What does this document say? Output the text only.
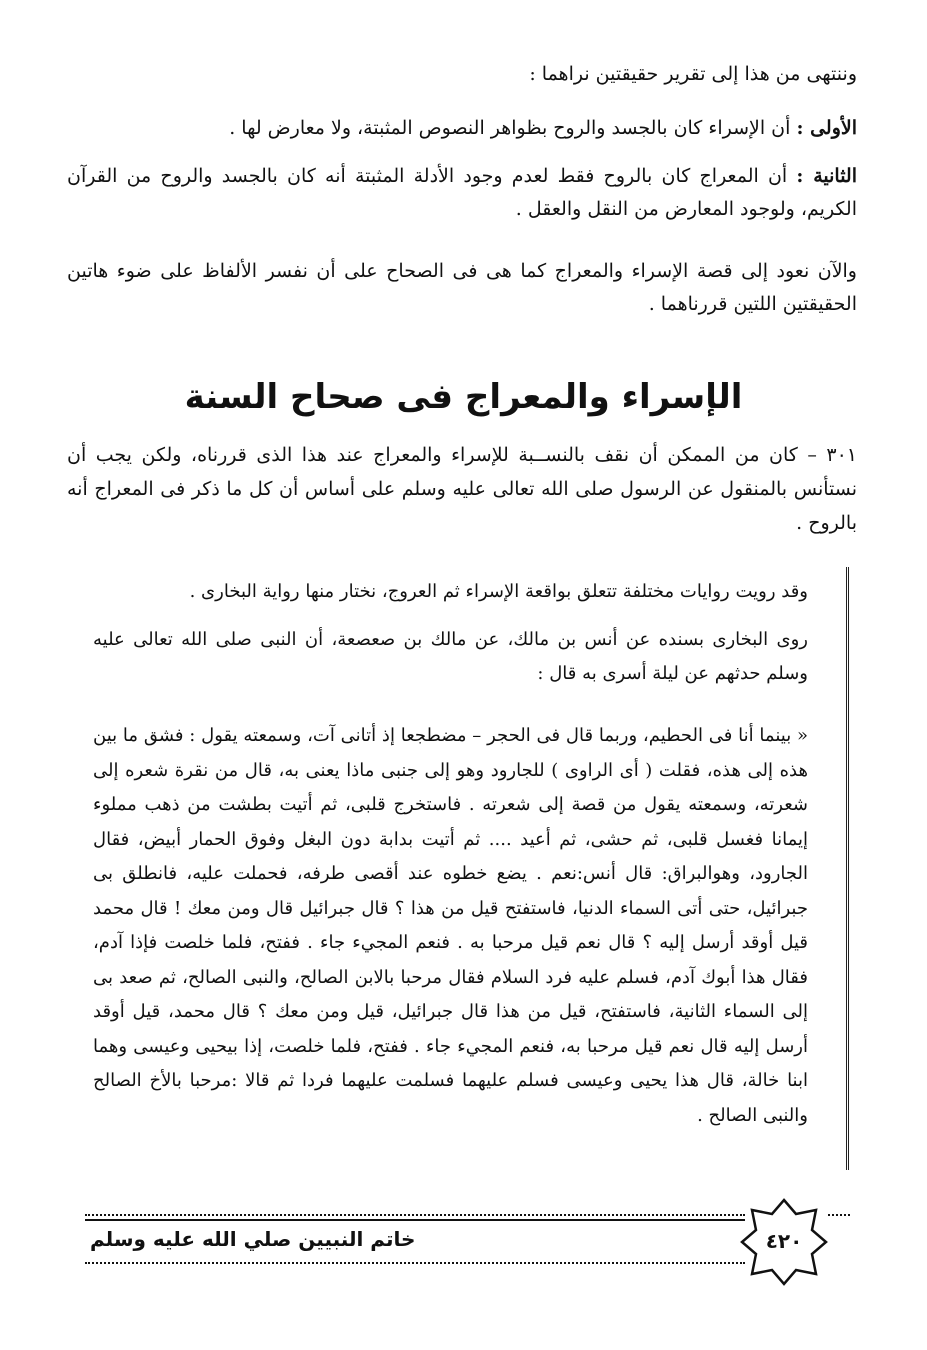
وننتهى من هذا إلى تقرير حقيقتين نراهما :

الأولى : أن الإسراء كان بالجسد والروح بظواهر النصوص المثبتة، ولا معارض لها .

الثانية : أن المعراج كان بالروح فقط لعدم وجود الأدلة المثبتة أنه كان بالجسد والروح من القرآن الكريم، ولوجود المعارض من النقل والعقل .

والآن نعود إلى قصة الإسراء والمعراج كما هى فى الصحاح على أن نفسر الألفاظ على ضوء هاتين الحقيقتين اللتين قررناهما .

الإسراء والمعراج فى صحاح السنة

٣٠١ – كان من الممكن أن نقف بالنســبة للإسراء والمعراج عند هذا الذى قررناه، ولكن يجب أن نستأنس بالمنقول عن الرسول صلى الله تعالى عليه وسلم على أساس أن كل ما ذكر فى المعراج أنه بالروح .

وقد رويت روايات مختلفة تتعلق بواقعة الإسراء ثم العروج، نختار منها رواية البخارى .

روى البخارى بسنده عن أنس بن مالك، عن مالك بن صعصعة، أن النبى صلى الله تعالى عليه وسلم حدثهم عن ليلة أسرى به قال :

« بينما أنا فى الحطيم، وربما قال فى الحجر – مضطجعا إذ أتانى آت، وسمعته يقول : فشق ما بين هذه إلى هذه، فقلت ( أى الراوى ) للجارود وهو إلى جنبى ماذا يعنى به، قال من نقرة شعره إلى شعرته، وسمعته يقول من قصة إلى شعرته . فاستخرج قلبى، ثم أتيت بطشت من ذهب مملوء إيمانا فغسل قلبى، ثم حشى، ثم أعيد .... ثم أتيت بدابة دون البغل وفوق الحمار أبيض، فقال الجارود، وهوالبراق: قال أنس:نعم . يضع خطوه عند أقصى طرفه، فحملت عليه، فانطلق بى جبرائيل، حتى أتى السماء الدنيا، فاستفتح قيل من هذا ؟ قال جبرائيل قال ومن معك ! قال محمد قيل أوقد أرسل إليه ؟ قال نعم قيل مرحبا به . فنعم المجيء جاء . ففتح، فلما خلصت فإذا آدم، فقال هذا أبوك آدم، فسلم عليه فرد السلام فقال مرحبا بالابن الصالح، والنبى الصالح، ثم صعد بى إلى السماء الثانية، فاستفتح، قيل من هذا قال جبرائيل، قيل ومن معك ؟ قال محمد، قيل أوقد أرسل إليه قال نعم قيل مرحبا به، فنعم المجيء جاء . ففتح، فلما خلصت، إذا بيحيى وعيسى وهما ابنا خالة، قال هذا يحيى وعيسى فسلم عليهما فسلمت عليهما فردا ثم قالا :مرحبا بالأخ الصالح والنبى الصالح .

خاتم النبيين صلي الله عليه وسلم	٤٢٠
